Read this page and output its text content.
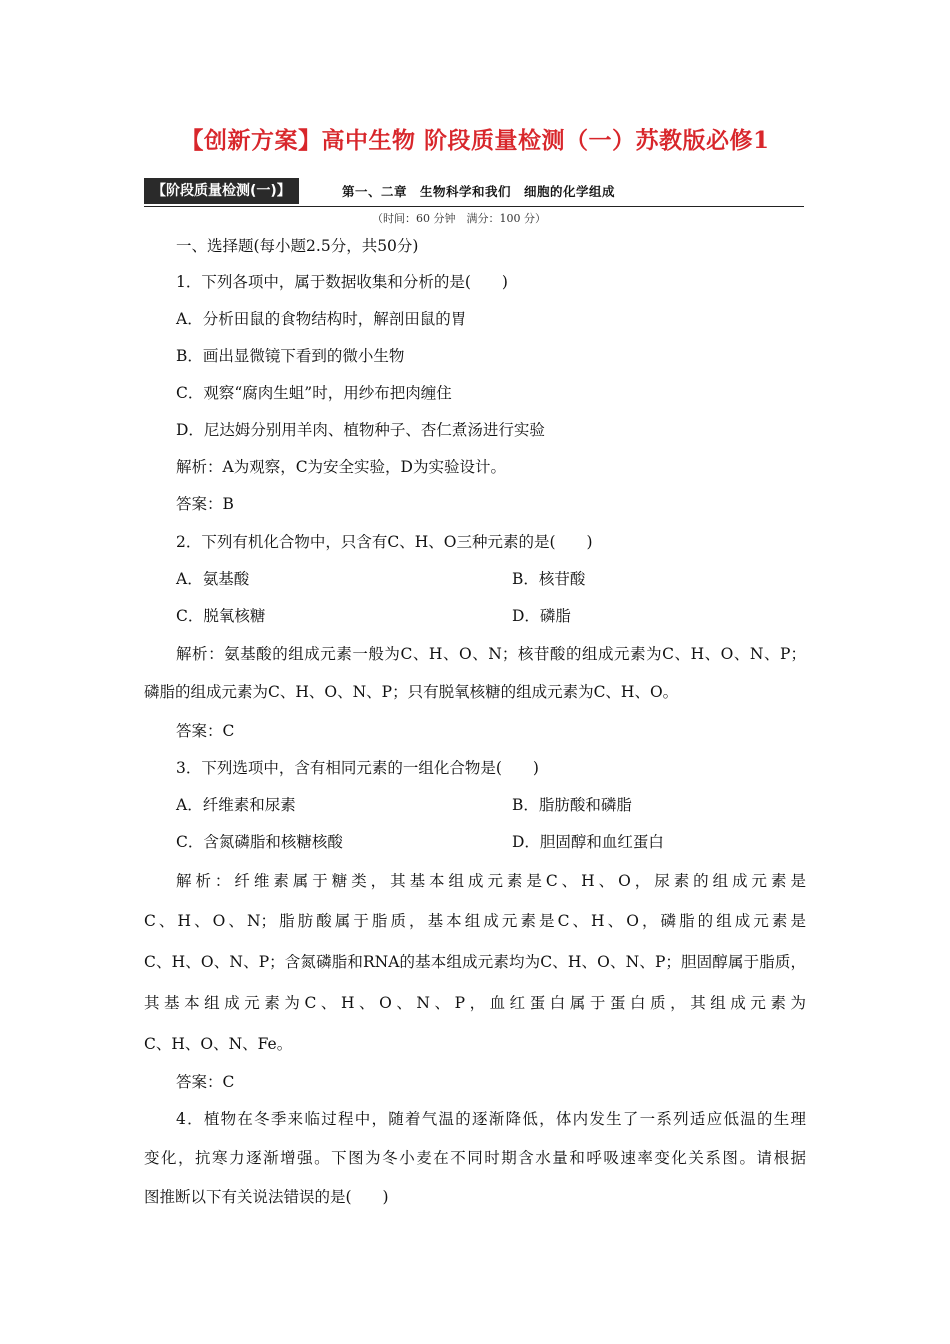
【创新方案】高中生物 阶段质量检测（一）苏教版必修1
【阶段质量检测(一)】	第一、二章　生物科学和我们　细胞的化学组成
（时间：60 分钟　满分：100 分）
一、选择题(每小题2.5分，共50分)
1．下列各项中，属于数据收集和分析的是(　　)
A．分析田鼠的食物结构时，解剖田鼠的胃
B．画出显微镜下看到的微小生物
C．观察“腐肉生蛆”时，用纱布把肉缠住
D．尼达姆分别用羊肉、植物种子、杏仁煮汤进行实验
解析：A为观察，C为安全实验，D为实验设计。
答案：B
2．下列有机化合物中，只含有C、H、O三种元素的是(　　)
A．氨基酸	B．核苷酸
C．脱氧核糖	D．磷脂
解析：氨基酸的组成元素一般为C、H、O、N；核苷酸的组成元素为C、H、O、N、P；
磷脂的组成元素为C、H、O、N、P；只有脱氧核糖的组成元素为C、H、O。
答案：C
3．下列选项中，含有相同元素的一组化合物是(　　)
A．纤维素和尿素	B．脂肪酸和磷脂
C．含氮磷脂和核糖核酸	D．胆固醇和血红蛋白
解析：纤维素属于糖类，其基本组成元素是C、H、O，尿素的组成元素是
C、H、O、N；脂肪酸属于脂质，基本组成元素是C、H、O，磷脂的组成元素是
C、H、O、N、P；含氮磷脂和RNA的基本组成元素均为C、H、O、N、P；胆固醇属于脂质，
其基本组成元素为C、H、O、N、P，血红蛋白属于蛋白质，其组成元素为
C、H、O、N、Fe。
答案：C
4．植物在冬季来临过程中，随着气温的逐渐降低，体内发生了一系列适应低温的生理
变化，抗寒力逐渐增强。下图为冬小麦在不同时期含水量和呼吸速率变化关系图。请根据
图推断以下有关说法错误的是(　　)
